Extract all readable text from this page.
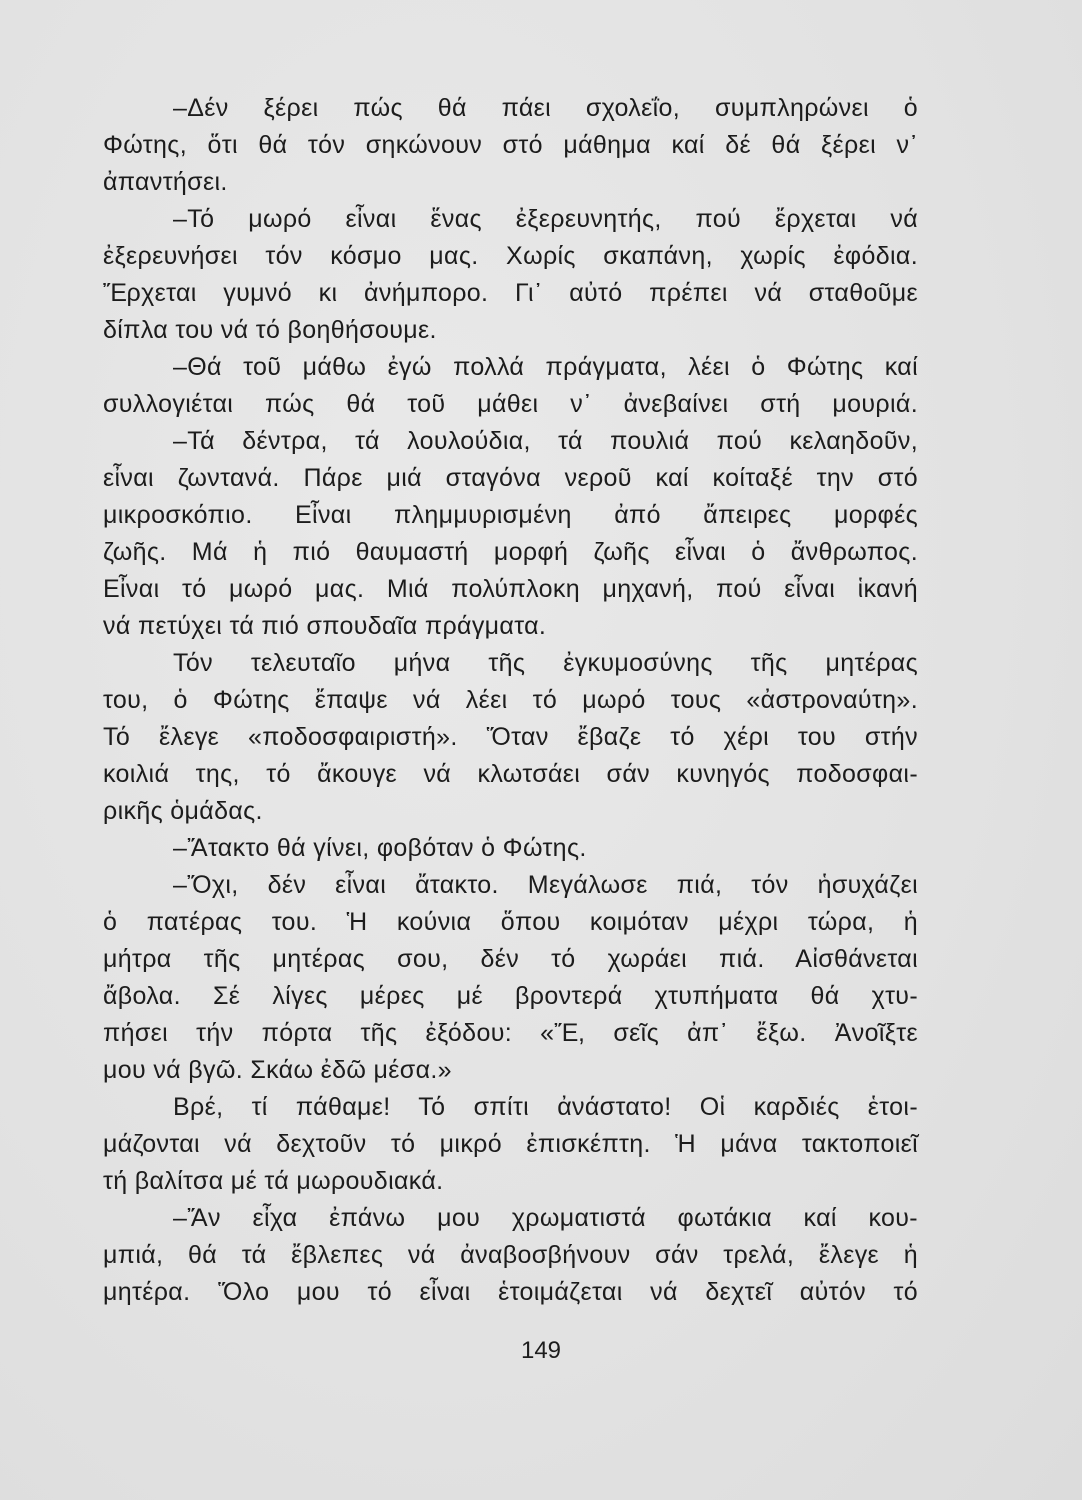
–Δέν ξέρει πώς θά πάει σχολεΐο, συμπληρώνει ὁ
Φώτης, ὅτι θά τόν σηκώνουν στό μάθημα καί δέ θά ξέρει ν᾽
ἀπαντήσει.
–Τό μωρό εἶναι ἕνας ἐξερευνητής, πού ἔρχεται νά
ἐξερευνήσει τόν κόσμο μας. Χωρίς σκαπάνη, χωρίς ἐφόδια.
Ἔρχεται γυμνό κι ἀνήμπορο. Γι᾽ αὐτό πρέπει νά σταθοῦμε
δίπλα του νά τό βοηθήσουμε.
–Θά τοῦ μάθω ἐγώ πολλά πράγματα, λέει ὁ Φώτης καί
συλλογιέται πώς θά τοῦ μάθει ν᾽ ἀνεβαίνει στή μουριά.
–Τά δέντρα, τά λουλούδια, τά πουλιά πού κελαηδοῦν,
εἶναι ζωντανά. Πάρε μιά σταγόνα νεροῦ καί κοίταξέ την στό
μικροσκόπιο. Εἶναι πλημμυρισμένη ἀπό ἄπειρες μορφές
ζωῆς. Μά ἡ πιό θαυμαστή μορφή ζωῆς εἶναι ὁ ἄνθρωπος.
Εἶναι τό μωρό μας. Μιά πολύπλοκη μηχανή, πού εἶναι ἱκανή
νά πετύχει τά πιό σπουδαῖα πράγματα.
Τόν τελευταῖο μήνα τῆς ἐγκυμοσύνης τῆς μητέρας
του, ὁ Φώτης ἔπαψε νά λέει τό μωρό τους «ἀστροναύτη».
Τό ἔλεγε «ποδοσφαιριστή». Ὅταν ἔβαζε τό χέρι του στήν
κοιλιά της, τό ἄκουγε νά κλωτσάει σάν κυνηγός ποδοσφαι-
ρικῆς ὁμάδας.
–Ἄτακτο θά γίνει, φοβόταν ὁ Φώτης.
–Ὄχι, δέν εἶναι ἄτακτο. Μεγάλωσε πιά, τόν ἡσυχάζει
ὁ πατέρας του. Ἡ κούνια ὅπου κοιμόταν μέχρι τώρα, ἡ
μήτρα τῆς μητέρας σου, δέν τό χωράει πιά. Αἰσθάνεται
ἄβολα. Σέ λίγες μέρες μέ βροντερά χτυπήματα θά χτυ-
πήσει τήν πόρτα τῆς ἐξόδου: «Ἔ, σεῖς ἀπ᾽ ἔξω. Ἀνοῖξτε
μου νά βγῶ. Σκάω ἐδῶ μέσα.»
Βρέ, τί πάθαμε! Τό σπίτι ἀνάστατο! Οἱ καρδιές ἑτοι-
μάζονται νά δεχτοῦν τό μικρό ἐπισκέπτη. Ἡ μάνα τακτοποιεῖ
τή βαλίτσα μέ τά μωρουδιακά.
–Ἄν εἶχα ἐπάνω μου χρωματιστά φωτάκια καί κου-
μπιά, θά τά ἔβλεπες νά ἀναβοσβήνουν σάν τρελά, ἔλεγε ἡ
μητέρα. Ὅλο μου τό εἶναι ἑτοιμάζεται νά δεχτεῖ αὐτόν τό
149
